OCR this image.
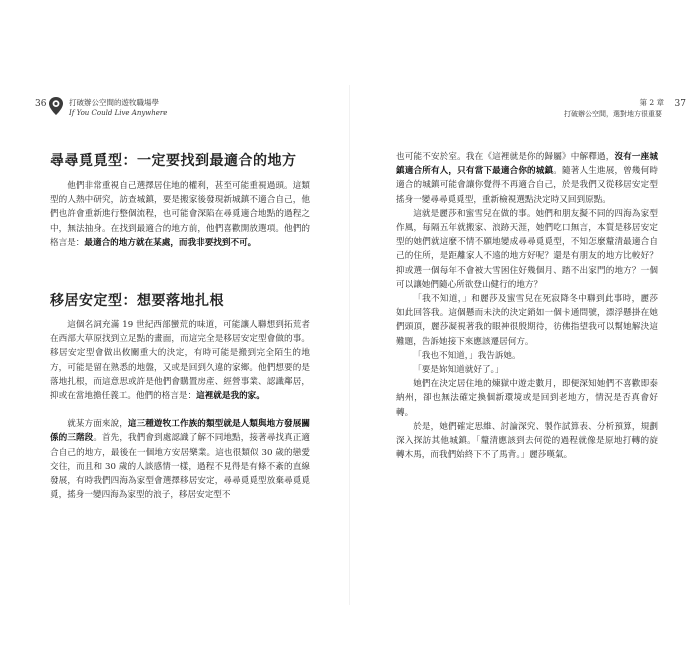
36	打破辦公空間的遊牧職場學
If You Could Live Anywhere
尋尋覓覓型：一定要找到最適合的地方

他們非常重視自己選擇居住地的權利，甚至可能重視過頭。這類型的人熱中研究，訪查城鎮，要是搬家後發現新城鎮不適合自己，他們也許會重新進行整個流程，也可能會深陷在尋覓適合地點的過程之中，無法抽身。在找到最適合的地方前，他們喜歡開放選項。他們的格言是：最適合的地方就在某處，而我非要找到不可。

移居安定型：想要落地扎根

這個名詞充滿 19 世紀西部蠻荒的味道，可能讓人聯想到拓荒者在西部大草原找到立足點的畫面，而這完全是移居安定型會做的事。移居安定型會做出攸關重大的決定，有時可能是搬到完全陌生的地方，可能是留在熟悉的地盤，又或是回到久違的家鄉。他們想要的是落地扎根，而這意思或許是他們會購置房產、經營事業、認識鄰居，抑或在當地擔任義工。他們的格言是：這裡就是我的家。

就某方面來說，這三種遊牧工作族的類型就是人類與地方發展關係的三階段。首先，我們會到處認識了解不同地點，接著尋找真正適合自己的地方，最後在一個地方安居樂業。這也很類似 30 歲的戀愛交往，而且和 30 歲的人談感情一樣，過程不見得是有條不紊的直線發展，有時我們四海為家型會選擇移居安定，尋尋覓覓型放棄尋覓覓覓，搖身一變四海為家型的浪子，移居安定型不

第 2 章 37
打破辦公空間，選對地方很重要

也可能不安於室。我在《這裡就是你的歸屬》中解釋過，沒有一座城鎮適合所有人，只有當下最適合你的城鎮。隨著人生進展，曾幾何時適合的城鎮可能會讓你覺得不再適合自己，於是我們又從移居安定型搖身一變尋尋覓覓型，重新檢視選點決定時又回到原點。

這就是麗莎和蜜雪兒在做的事。她們和朋友擬不同的四海為家型作風，每隔五年就搬家、浪跡天涯，她們吃口無言，本質是移居安定型的她們就這麼不情不願地變成尋尋覓覓型，不知怎麼釐清最適合自己的住所，是距離家人不遠的地方好呢？還是有朋友的地方比較好？抑或選一個每年不會被大雪困住好幾個月、踏不出家門的地方？一個可以讓她們隨心所欲登山健行的地方？

「我不知道，」和麗莎及蜜雪兒在死寂降冬中聯到此事時，麗莎如此回答我。這個懸而未決的決定銷如一個卡通問號，漂浮懸掛在她們頭頂，麗莎凝視著我的眼神很殷期待，彷佛指望我可以幫她解決這難題，告訴她接下來應該遷居何方。

「我也不知道，」我告訴她。

「要是妳知道就好了。」

她們在決定居住地的煉獄中遊走數月，即便深知她們不喜歡即泰納州，卻也無法確定換個新環境或是回到老地方，情況是否真會好轉。

於是，她們確定思維、討論深究、製作試算表、分析預算，規劃深入探訪其他城鎮。「釐清應該到去何從的過程就像是原地打轉的旋轉木馬，而我們始終下不了馬背。」麗莎嘆氣。
